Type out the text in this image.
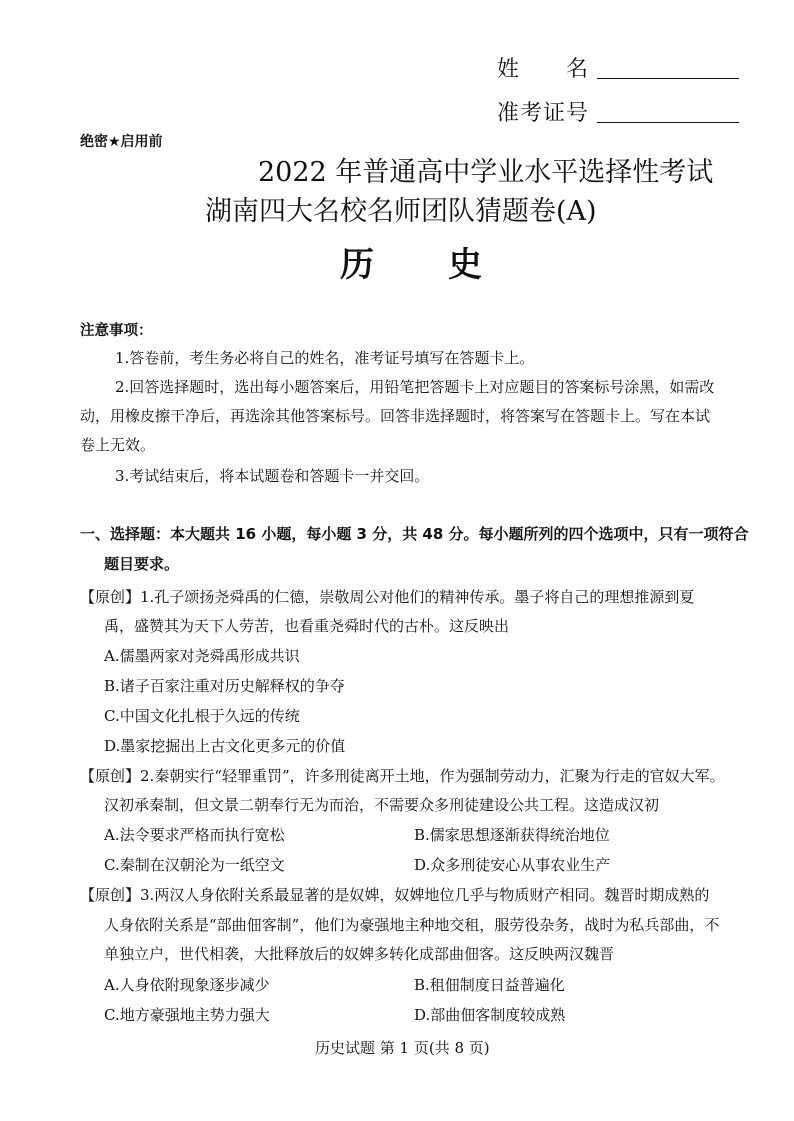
姓　　名
准考证号
绝密★启用前
2022 年普通高中学业水平选择性考试
湖南四大名校名师团队猜题卷(A)
历　　史
注意事项：
1.答卷前，考生务必将自己的姓名，准考证号填写在答题卡上。
2.回答选择题时，选出每小题答案后，用铅笔把答题卡上对应题目的答案标号涂黑，如需改
动，用橡皮擦干净后，再选涂其他答案标号。回答非选择题时，将答案写在答题卡上。写在本试
卷上无效。
3.考试结束后，将本试题卷和答题卡一并交回。
一、选择题：本大题共 16 小题，每小题 3 分，共 48 分。每小题所列的四个选项中，只有一项符合
题目要求。
【原创】1.孔子颂扬尧舜禹的仁德，崇敬周公对他们的精神传承。墨子将自己的理想推源到夏
禹，盛赞其为天下人劳苦，也看重尧舜时代的古朴。这反映出
A.儒墨两家对尧舜禹形成共识
B.诸子百家注重对历史解释权的争夺
C.中国文化扎根于久远的传统
D.墨家挖掘出上古文化更多元的价值
【原创】2.秦朝实行“轻罪重罚”，许多刑徒离开土地，作为强制劳动力，汇聚为行走的官奴大军。
汉初承秦制，但文景二朝奉行无为而治，不需要众多刑徒建设公共工程。这造成汉初
A.法令要求严格而执行宽松	B.儒家思想逐渐获得统治地位
C.秦制在汉朝沦为一纸空文	D.众多刑徒安心从事农业生产
【原创】3.两汉人身依附关系最显著的是奴婢，奴婢地位几乎与物质财产相同。魏晋时期成熟的
人身依附关系是“部曲佃客制”，他们为豪强地主种地交租，服劳役杂务，战时为私兵部曲，不
单独立户，世代相袭，大批释放后的奴婢多转化成部曲佃客。这反映两汉魏晋
A.人身依附现象逐步减少	B.租佃制度日益普遍化
C.地方豪强地主势力强大	D.部曲佃客制度较成熟
历史试题 第 1 页(共 8 页)
